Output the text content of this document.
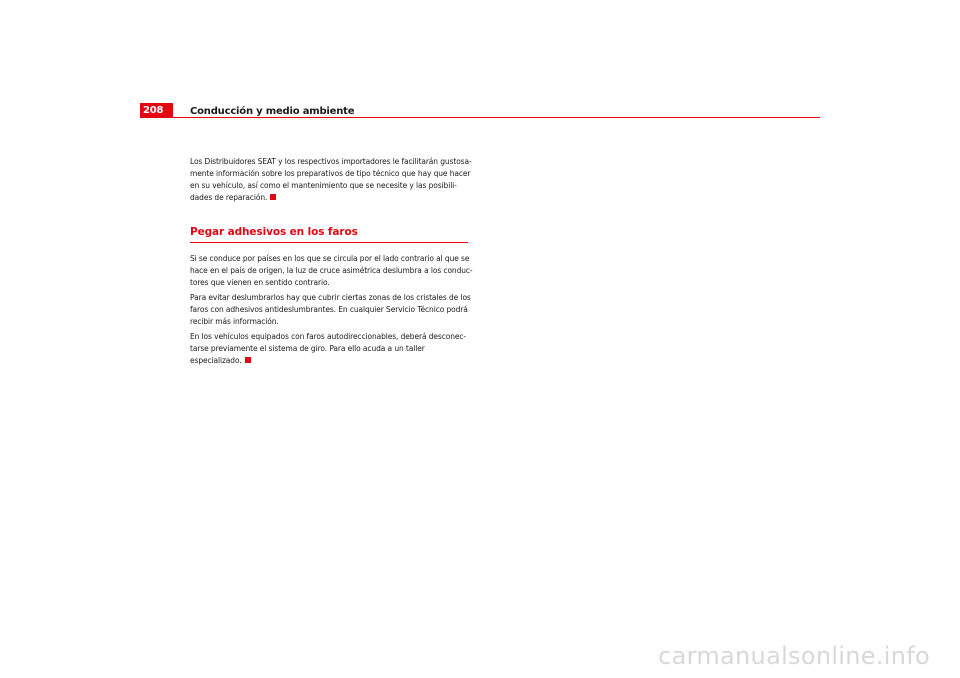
208	Conducción y medio ambiente

Los Distribuidores SEAT y los respectivos importadores le facilitarán gustosa-
mente información sobre los preparativos de tipo técnico que hay que hacer
en su vehículo, así como el mantenimiento que se necesite y las posibili-
dades de reparación.

Pegar adhesivos en los faros

Si se conduce por países en los que se circula por el lado contrario al que se
hace en el país de origen, la luz de cruce asimétrica deslumbra a los conduc-
tores que vienen en sentido contrario.

Para evitar deslumbrarlos hay que cubrir ciertas zonas de los cristales de los
faros con adhesivos antideslumbrantes. En cualquier Servicio Técnico podrá
recibir más información.

En los vehículos equipados con faros autodireccionables, deberá desconec-
tarse previamente el sistema de giro. Para ello acuda a un taller
especializado.

carmanualsonline.info
